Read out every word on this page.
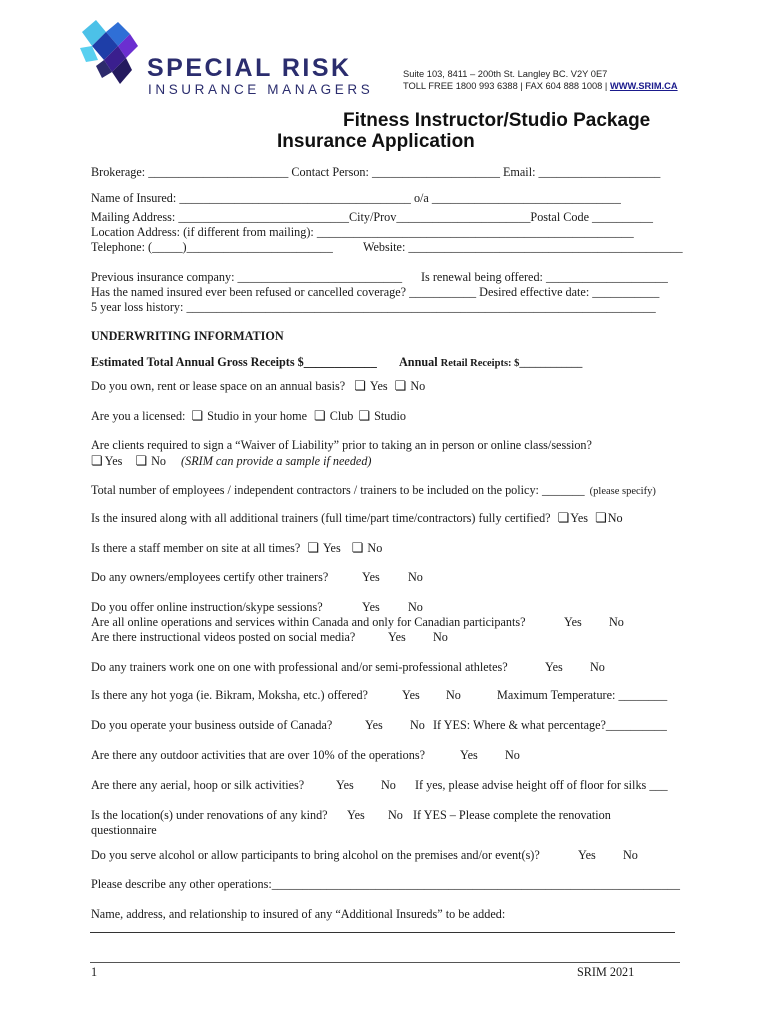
SPECIAL RISK
INSURANCE MANAGERS
Suite 103, 8411 – 200th St. Langley BC. V2Y 0E7
TOLL FREE 1800 993 6388 | FAX 604 888 1008 | WWW.SRIM.CA
Fitness Instructor/Studio Package
Insurance Application
Brokerage: _______________________ Contact Person: _____________________ Email: ____________________
Name of Insured: ______________________________________ o/a _______________________________
Mailing Address: ____________________________City/Prov______________________Postal Code __________
Location Address: (if different from mailing): ____________________________________________________
Telephone: (_____)________________________ Website: _____________________________________________
Previous insurance company: ___________________________ Is renewal being offered: ____________________
Has the named insured ever been refused or cancelled coverage? ___________ Desired effective date: ___________
5 year loss history: _____________________________________________________________________________
UNDERWRITING INFORMATION
Estimated Total Annual Gross Receipts $____________ Annual Retail Receipts: $____________
Do you own, rent or lease space on an annual basis? ❏ Yes ❏ No
Are you a licensed: ❏ Studio in your home ❏ Club ❏ Studio
Are clients required to sign a “Waiver of Liability” prior to taking an in person or online class/session?
❏ Yes ❏ No (SRIM can provide a sample if needed)
Total number of employees / independent contractors / trainers to be included on the policy: _______ (please specify)
Is the insured along with all additional trainers (full time/part time/contractors) fully certified? ❏Yes ❏No
Is there a staff member on site at all times? ❏ Yes ❏ No
Do any owners/employees certify other trainers?	Yes No
Do you offer online instruction/skype sessions?	Yes No
Are all online operations and services within Canada and only for Canadian participants?	Yes No
Are there instructional videos posted on social media?	Yes No
Do any trainers work one on one with professional and/or semi-professional athletes?	Yes No
Is there any hot yoga (ie. Bikram, Moksha, etc.) offered?	Yes No	Maximum Temperature: ________
Do you operate your business outside of Canada?	Yes No If YES: Where & what percentage?__________
Are there any outdoor activities that are over 10% of the operations?	Yes No
Are there any aerial, hoop or silk activities?	Yes No If yes, please advise height off of floor for silks ___
Is the location(s) under renovations of any kind? Yes No If YES – Please complete the renovation
questionnaire
Do you serve alcohol or allow participants to bring alcohol on the premises and/or event(s)?	Yes No
Please describe any other operations:___________________________________________________________________
Name, address, and relationship to insured of any “Additional Insureds” to be added:
1	SRIM 2021
